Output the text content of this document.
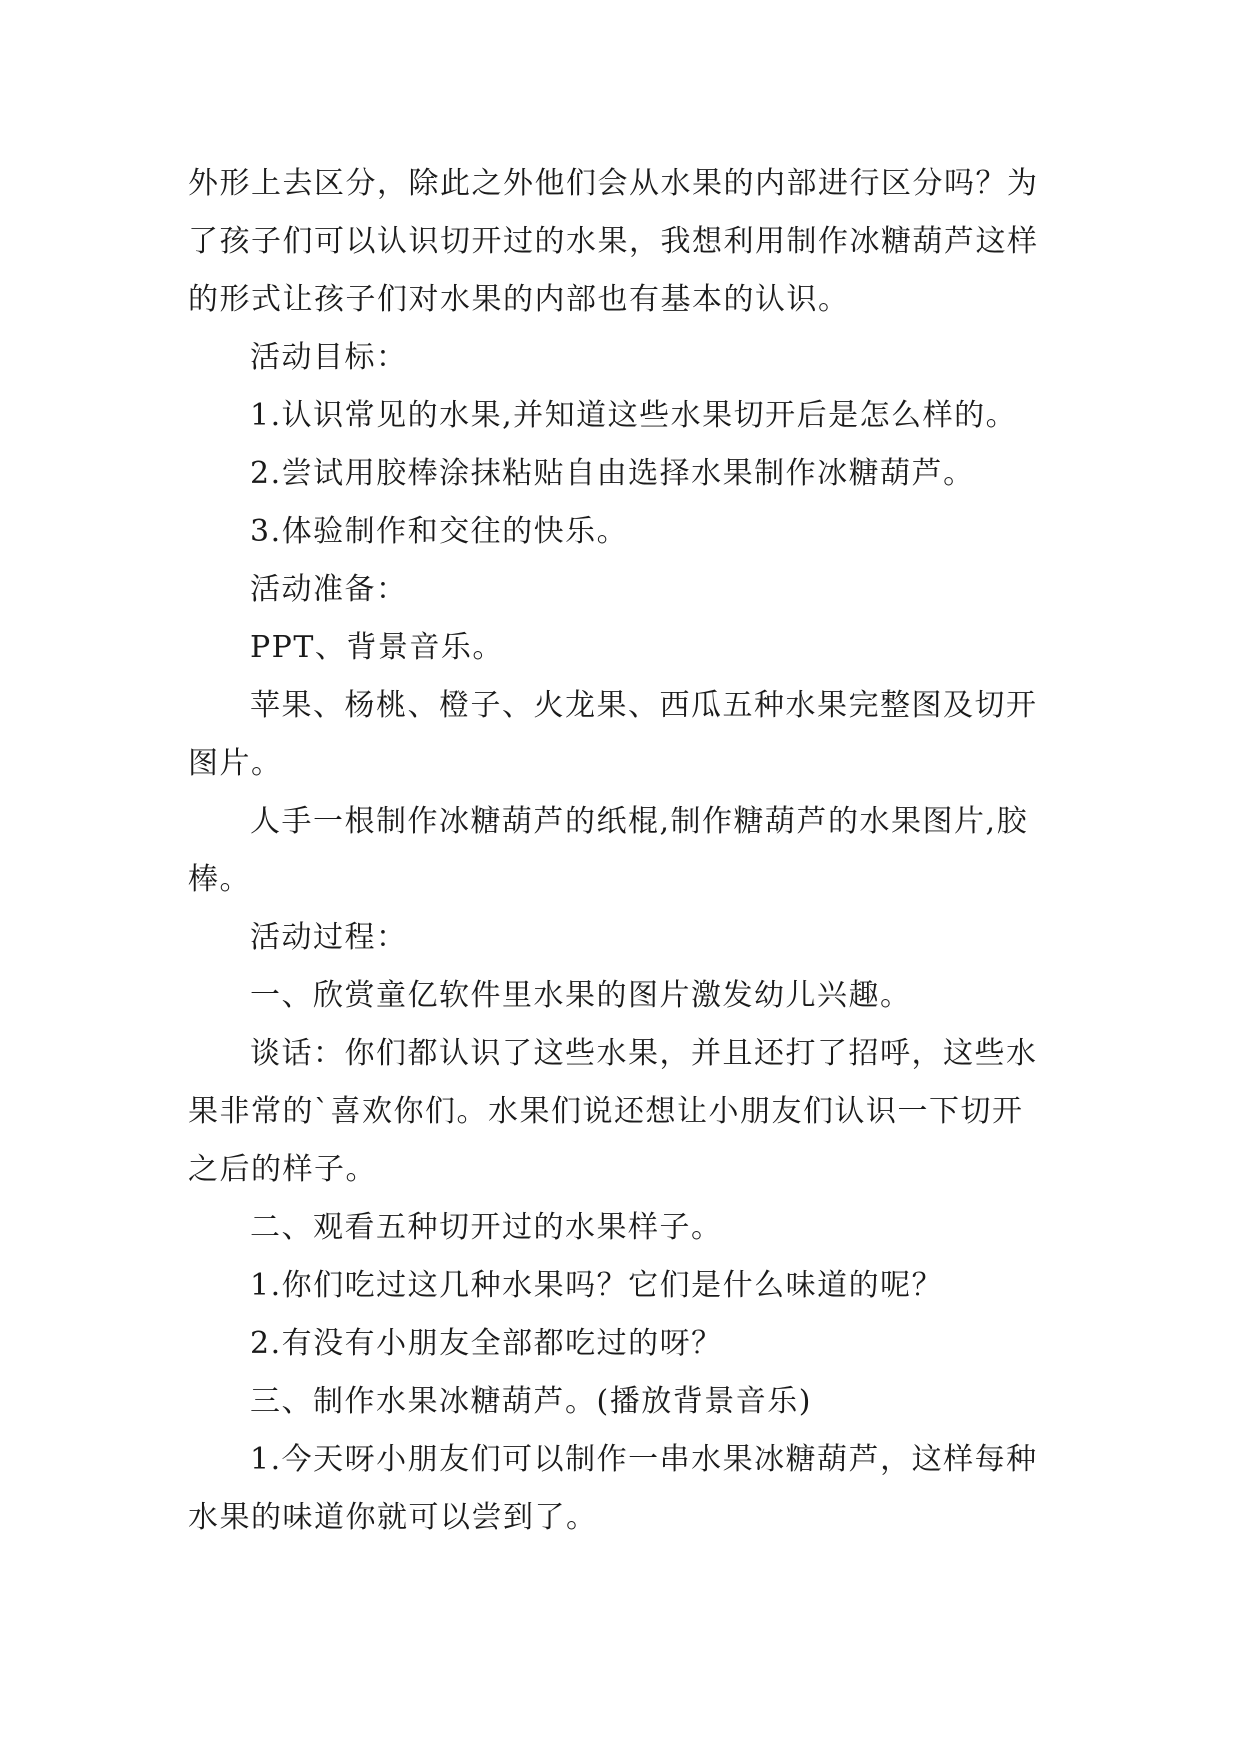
外形上去区分，除此之外他们会从水果的内部进行区分吗？为了孩子们可以认识切开过的水果，我想利用制作冰糖葫芦这样的形式让孩子们对水果的内部也有基本的认识。

活动目标：

1.认识常见的水果,并知道这些水果切开后是怎么样的。

2.尝试用胶棒涂抹粘贴自由选择水果制作冰糖葫芦。

3.体验制作和交往的快乐。

活动准备：

PPT、背景音乐。

苹果、杨桃、橙子、火龙果、西瓜五种水果完整图及切开图片。

人手一根制作冰糖葫芦的纸棍,制作糖葫芦的水果图片,胶棒。

活动过程：

一、欣赏童亿软件里水果的图片激发幼儿兴趣。

谈话：你们都认识了这些水果，并且还打了招呼，这些水果非常的`喜欢你们。水果们说还想让小朋友们认识一下切开之后的样子。

二、观看五种切开过的水果样子。

1.你们吃过这几种水果吗？它们是什么味道的呢？

2.有没有小朋友全部都吃过的呀？

三、制作水果冰糖葫芦。(播放背景音乐)

1.今天呀小朋友们可以制作一串水果冰糖葫芦，这样每种水果的味道你就可以尝到了。
